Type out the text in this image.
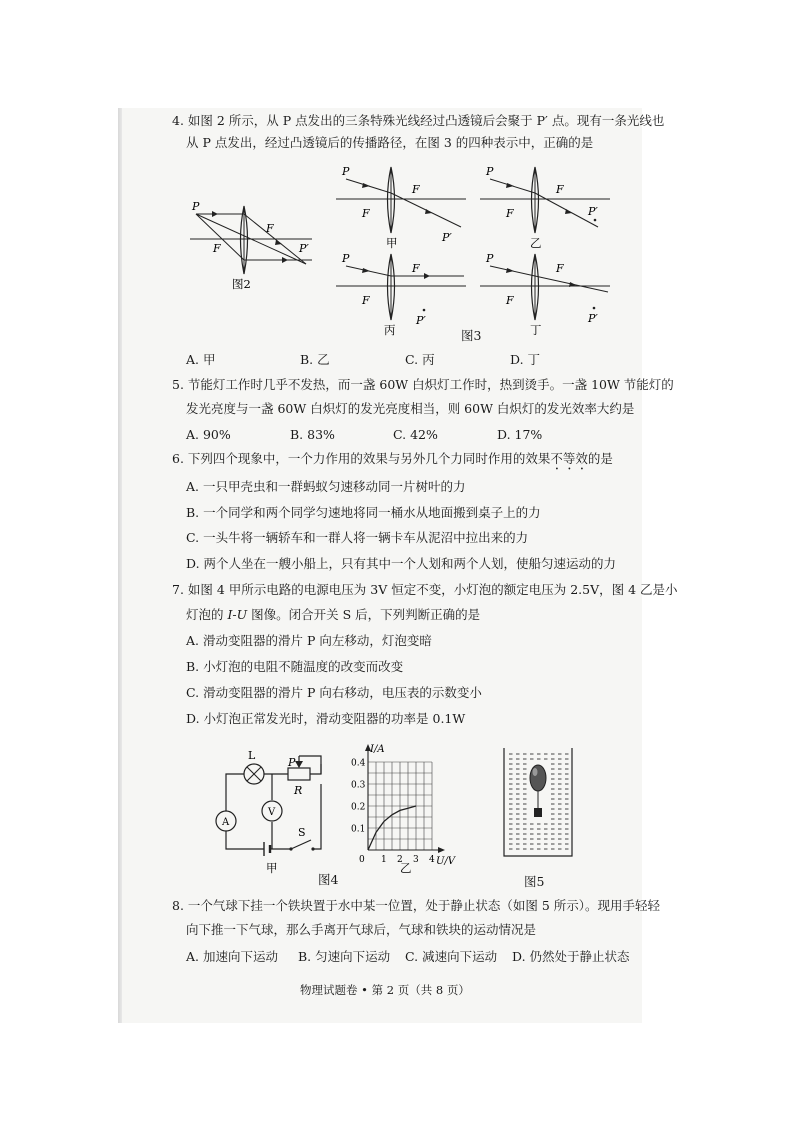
4. 如图 2 所示，从 P 点发出的三条特殊光线经过凸透镜后会聚于 P′ 点。现有一条光线也
从 P 点发出，经过凸透镜后的传播路径，在图 3 的四种表示中，正确的是
P
F
F
P′
图2
P
F
F
P′
甲
P
F
F
P′
乙
P
F
F
P′
丙
P
F
F
P′
丁
图3
A. 甲	B. 乙	C. 丙	D. 丁
5. 节能灯工作时几乎不发热，而一盏 60W 白炽灯工作时，热到烫手。一盏 10W 节能灯的
发光亮度与一盏 60W 白炽灯的发光亮度相当，则 60W 白炽灯的发光效率大约是
A. 90%	B. 83%	C. 42%	D. 17%
6. 下列四个现象中，一个力作用的效果与另外几个力同时作用的效果不等效的是
A. 一只甲壳虫和一群蚂蚁匀速移动同一片树叶的力
B. 一个同学和两个同学匀速地将同一桶水从地面搬到桌子上的力
C. 一头牛将一辆轿车和一群人将一辆卡车从泥沼中拉出来的力
D. 两个人坐在一艘小船上，只有其中一个人划和两个人划，使船匀速运动的力
7. 如图 4 甲所示电路的电源电压为 3V 恒定不变，小灯泡的额定电压为 2.5V，图 4 乙是小
灯泡的 I-U 图像。闭合开关 S 后，下列判断正确的是
A. 滑动变阻器的滑片 P 向左移动，灯泡变暗
B. 小灯泡的电阻不随温度的改变而改变
C. 滑动变阻器的滑片 P 向右移动，电压表的示数变小
D. 小灯泡正常发光时，滑动变阻器的功率是 0.1W
L
P
R
A
V
S
甲
I/A
U/V
0.4
0.3
0.2
0.1
0 1 2 3 4
乙
图4	图5
8. 一个气球下挂一个铁块置于水中某一位置，处于静止状态（如图 5 所示）。现用手轻轻
向下推一下气球，那么手离开气球后，气球和铁块的运动情况是
A. 加速向下运动 B. 匀速向下运动 C. 减速向下运动 D. 仍然处于静止状态
物理试题卷 • 第 2 页（共 8 页）
